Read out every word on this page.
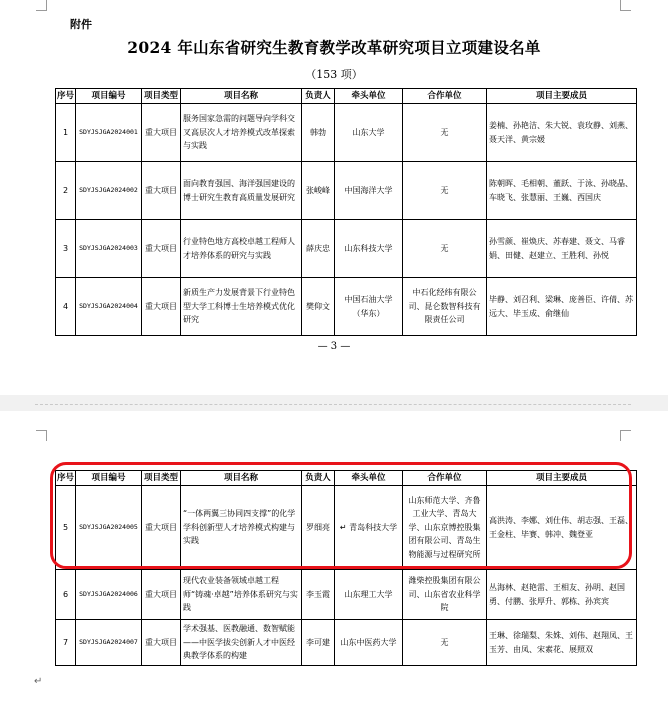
附件
2024 年山东省研究生教育教学改革研究项目立项建设名单
（153 项）
序号	项目编号	项目类型	项目名称	负责人	牵头单位	合作单位	项目主要成员
1	SDYJSJGA2024001	重大项目	服务国家急需的问题导向学科交叉高层次人才培养模式改革探索与实践	韩勃	山东大学	无	姜楠、孙艳洁、朱大锐、袁玫静、刘燕、聂天洋、黄宗媛
2	SDYJSJGA2024002	重大项目	面向教育强国、海洋强国建设的博士研究生教育高质量发展研究	张峻峰	中国海洋大学	无	陈朝晖、毛相朝、董跃、于泳、孙晓晶、车晓飞、张慧丽、王巍、西国庆
3	SDYJSJGA2024003	重大项目	行业特色地方高校卓越工程师人才培养体系的研究与实践	薛庆忠	山东科技大学	无	孙雪颜、崔焕庆、苏春建、聂文、马睿娟、田健、赵建立、王胜利、孙悦
4	SDYJSJGA2024004	重大项目	新质生产力发展背景下行业特色型大学工科博士生培养模式优化研究	樊仰文	中国石油大学（华东）	中石化经纬有限公司、昆仑数智科技有限责任公司	毕静、刘召利、梁琳、庞善臣、许倩、苏远大、毕玉成、俞继仙
— 3 —
序号	项目编号	项目类型	项目名称	负责人	牵头单位	合作单位	项目主要成员
5	SDYJSJGA2024005	重大项目	“一体两翼三协同四支撑”的化学学科创新型人才培养模式构建与实践	罗细亮	↵ 青岛科技大学	山东师范大学、齐鲁工业大学、青岛大学、山东京博控股集团有限公司、青岛生物能源与过程研究所	高洪涛、李娜、刘仕伟、胡志强、王磊、王金柱、毕赛、韩冲、魏登亚
6	SDYJSJGA2024006	重大项目	现代农业装备领域卓越工程师“铸魂·卓越”培养体系研究与实践	李玉霞	山东理工大学	潍柴控股集团有限公司、山东省农业科学院	丛海林、赵艳雷、王相友、孙明、赵国勇、付鹏、张厚升、郭栋、孙宾宾
7	SDYJSJGA2024007	重大项目	学术强基、医教融通、数智赋能——中医学拔尖创新人才中医经典教学体系的构建	李可建	山东中医药大学	无	王琳、徐瑞梨、朱姝、刘伟、赵翔凤、王玉芳、由凤、宋素花、展照双
↵
